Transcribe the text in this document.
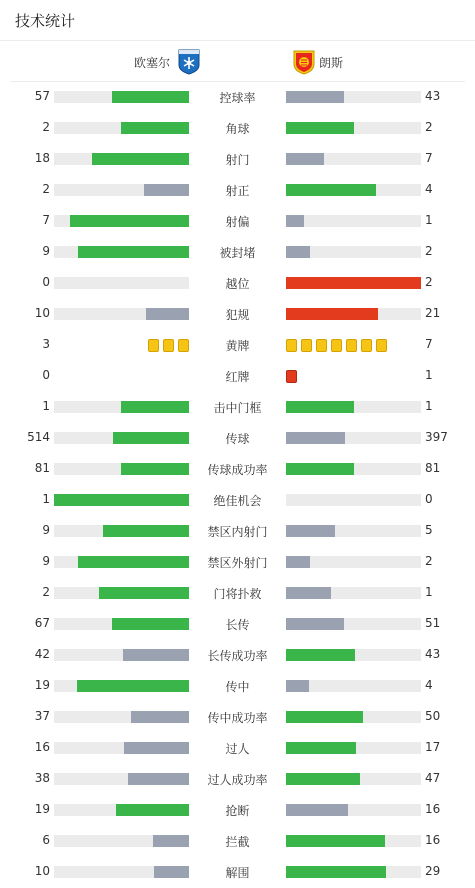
技术统计
欧塞尔	朗斯
57	控球率	43
2	角球	2
18	射门	7
2	射正	4
7	射偏	1
9	被封堵	2
0	越位	2
10	犯规	21
3	黄牌	7
0	红牌	1
1	击中门框	1
514	传球	397
81	传球成功率	81
1	绝佳机会	0
9	禁区内射门	5
9	禁区外射门	2
2	门将扑救	1
67	长传	51
42	长传成功率	43
19	传中	4
37	传中成功率	50
16	过人	17
38	过人成功率	47
19	抢断	16
6	拦截	16
10	解围	29
